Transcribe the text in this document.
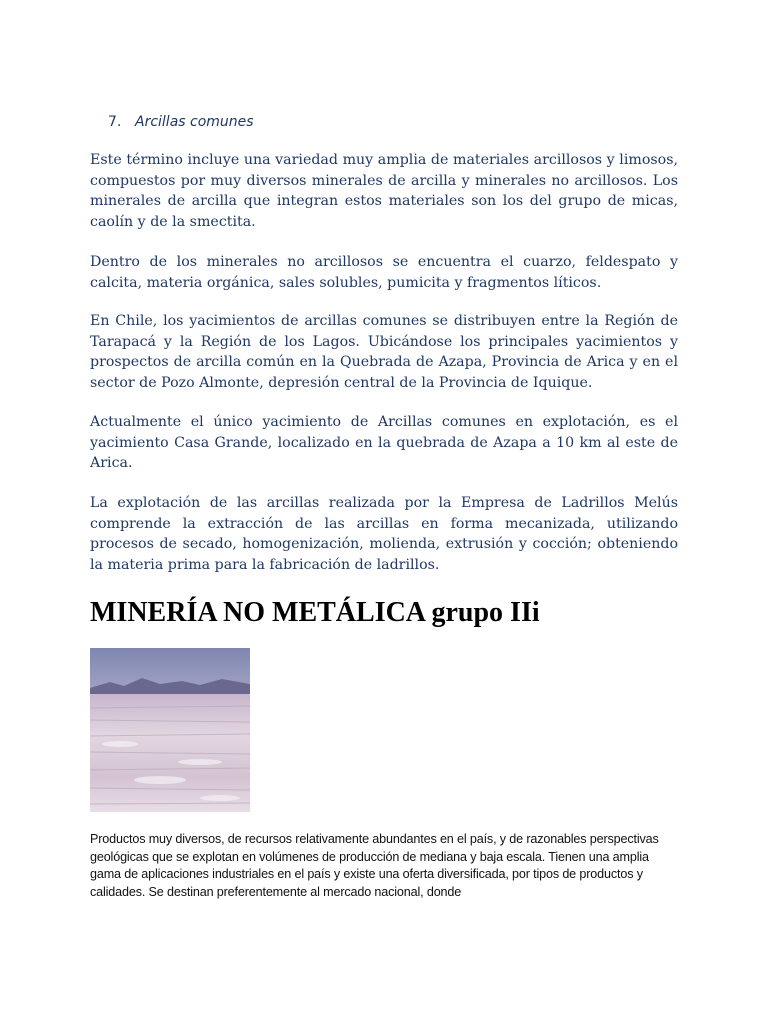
7. Arcillas comunes

Este término incluye una variedad muy amplia de materiales arcillosos y limosos, compuestos por muy diversos minerales de arcilla y minerales no arcillosos. Los minerales de arcilla que integran estos materiales son los del grupo de micas, caolín y de la smectita.

Dentro de los minerales no arcillosos se encuentra el cuarzo, feldespato y calcita, materia orgánica, sales solubles, pumicita y fragmentos líticos.

En Chile, los yacimientos de arcillas comunes se distribuyen entre la Región de Tarapacá y la Región de los Lagos. Ubicándose los principales yacimientos y prospectos de arcilla común en la Quebrada de Azapa, Provincia de Arica y en el sector de Pozo Almonte, depresión central de la Provincia de Iquique.

Actualmente el único yacimiento de Arcillas comunes en explotación, es el yacimiento Casa Grande, localizado en la quebrada de Azapa a 10 km al este de Arica.

La explotación de las arcillas realizada por la Empresa de Ladrillos Melús comprende la extracción de las arcillas en forma mecanizada, utilizando procesos de secado, homogenización, molienda, extrusión y cocción; obteniendo la materia prima para la fabricación de ladrillos.

MINERÍA NO METÁLICA grupo IIi

Productos muy diversos, de recursos relativamente abundantes en el país, y de razonables perspectivas geológicas que se explotan en volúmenes de producción de mediana y baja escala. Tienen una amplia gama de aplicaciones industriales en el país y existe una oferta diversificada, por tipos de productos y calidades. Se destinan preferentemente al mercado nacional, donde
